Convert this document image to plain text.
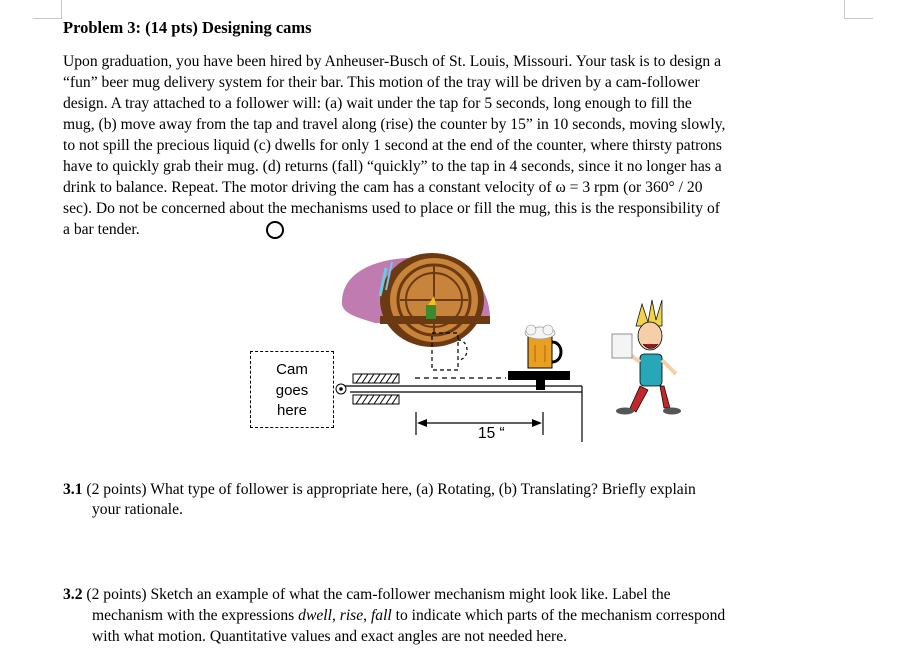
Problem 3: (14 pts) Designing cams
Upon graduation, you have been hired by Anheuser-Busch of St. Louis, Missouri. Your task is to design a
“fun” beer mug delivery system for their bar. This motion of the tray will be driven by a cam-follower
design. A tray attached to a follower will: (a) wait under the tap for 5 seconds, long enough to fill the
mug, (b) move away from the tap and travel along (rise) the counter by 15” in 10 seconds, moving slowly,
to not spill the precious liquid (c) dwells for only 1 second at the end of the counter, where thirsty patrons
have to quickly grab their mug. (d) returns (fall) “quickly” to the tap in 4 seconds, since it no longer has a
drink to balance. Repeat. The motor driving the cam has a constant velocity of ω = 3 rpm (or 360° / 20
sec). Do not be concerned about the mechanisms used to place or fill the mug, this is the responsibility of
a bar tender.
Cam
goes
here
15 “
3.1 (2 points) What type of follower is appropriate here, (a) Rotating, (b) Translating? Briefly explain
your rationale.
3.2 (2 points) Sketch an example of what the cam-follower mechanism might look like. Label the
mechanism with the expressions dwell, rise, fall to indicate which parts of the mechanism correspond
with what motion. Quantitative values and exact angles are not needed here.
